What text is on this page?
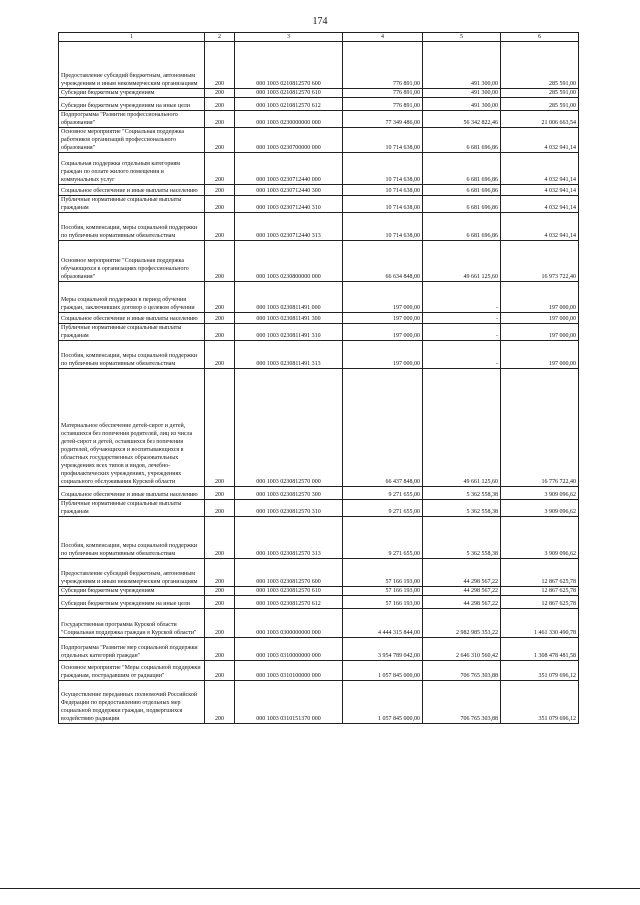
174
1	2	3	4	5	6
Предоставление субсидий бюджетным, автономным учреждениям и иным некоммерческим организациям	200	000 1003 0210812570 600	776 891,00	491 300,00	285 591,00
Субсидии бюджетным учреждениям	200	000 1003 0210812570 610	776 891,00	491 300,00	285 591,00
Субсидии бюджетным учреждениям на иные цели	200	000 1003 0210812570 612	776 891,00	491 300,00	285 591,00
Подпрограмма "Развитие профессионального образования"	200	000 1003 0230000000 000	77 349 486,00	56 342 822,46	21 006 663,54
Основное мероприятие "Социальная поддержка работников организаций профессионального образования"	200	000 1003 0230700000 000	10 714 638,00	6 681 696,86	4 032 941,14
Социальная поддержка отдельным категориям граждан по оплате жилого помещения и коммунальных услуг	200	000 1003 0230712440 000	10 714 638,00	6 681 696,86	4 032 941,14
Социальное обеспечение и иные выплаты населению	200	000 1003 0230712440 300	10 714 638,00	6 681 696,86	4 032 941,14
Публичные нормативные социальные выплаты гражданам	200	000 1003 0230712440 310	10 714 638,00	6 681 696,86	4 032 941,14
Пособия, компенсации, меры социальной поддержки по публичным нормативным обязательствам	200	000 1003 0230712440 313	10 714 638,00	6 681 696,86	4 032 941,14
Основное мероприятие "Социальная поддержка обучающихся в организациях профессионального образования"	200	000 1003 0230800000 000	66 634 848,00	49 661 125,60	16 973 722,40
Меры социальной поддержки в период обучения граждан, заключивших договор о целевом обучении	200	000 1003 0230811491 000	197 000,00	-	197 000,00
Социальное обеспечение и иные выплаты населению	200	000 1003 0230811491 300	197 000,00	-	197 000,00
Публичные нормативные социальные выплаты гражданам	200	000 1003 0230811491 310	197 000,00	-	197 000,00
Пособия, компенсации, меры социальной поддержки по публичным нормативным обязательствам	200	000 1003 0230811491 313	197 000,00	-	197 000,00
Материальное обеспечение детей-сирот и детей, оставшихся без попечения родителей, лиц из числа детей-сирот и детей, оставшихся без попечения родителей, обучающихся и воспитывающихся в областных государственных образовательных учреждениях всех типов и видов, лечебно-профилактических учреждениях, учреждениях социального обслуживания Курской области	200	000 1003 0230812570 000	66 437 848,00	49 661 125,60	16 776 722,40
Социальное обеспечение и иные выплаты населению	200	000 1003 0230812570 300	9 271 655,00	5 362 558,38	3 909 096,62
Публичные нормативные социальные выплаты гражданам	200	000 1003 0230812570 310	9 271 655,00	5 362 558,38	3 909 096,62
Пособия, компенсации, меры социальной поддержки по публичным нормативным обязательствам	200	000 1003 0230812570 313	9 271 655,00	5 362 558,38	3 909 096,62
Предоставление субсидий бюджетным, автономным учреждениям и иным некоммерческим организациям	200	000 1003 0230812570 600	57 166 193,00	44 298 567,22	12 867 625,78
Субсидии бюджетным учреждениям	200	000 1003 0230812570 610	57 166 193,00	44 298 567,22	12 867 625,78
Субсидии бюджетным учреждениям на иные цели	200	000 1003 0230812570 612	57 166 193,00	44 298 567,22	12 867 625,78
Государственная программа Курской области "Социальная поддержка граждан в Курской области"	200	000 1003 0300000000 000	4 444 315 844,00	2 982 985 353,22	1 461 330 490,78
Подпрограмма "Развитие мер социальной поддержки отдельных категорий граждан"	200	000 1003 0310000000 000	3 954 789 042,00	2 646 310 560,42	1 308 478 481,58
Основное мероприятие "Меры социальной поддержки гражданам, пострадавшим от радиации"	200	000 1003 0310100000 000	1 057 845 000,00	706 765 303,88	351 079 696,12
Осуществление переданных полномочий Российской Федерации по предоставлению отдельных мер социальной поддержки граждан, подвергшихся воздействию радиации	200	000 1003 0310151370 000	1 057 845 000,00	706 765 303,88	351 079 696,12
